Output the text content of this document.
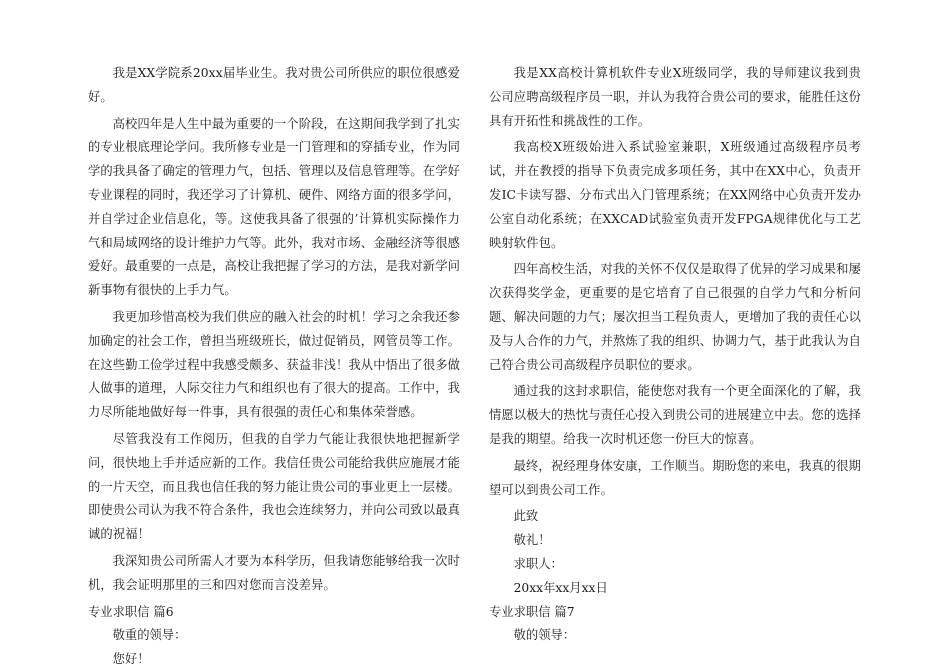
我是XX学院系20xx届毕业生。我对贵公司所供应的职位很感爱好。

高校四年是人生中最为重要的一个阶段，在这期间我学到了扎实的专业根底理论学问。我所修专业是一门管理和的穿插专业，作为同学的我具备了确定的管理力气，包括、管理以及信息管理等。在学好专业课程的同时，我还学习了计算机、硬件、网络方面的很多学问，并自学过企业信息化，等。这使我具备了很强的’计算机实际操作力气和局域网络的设计维护力气等。此外，我对市场、金融经济等很感爱好。最重要的一点是，高校让我把握了学习的方法，是我对新学问新事物有很快的上手力气。

我更加珍惜高校为我们供应的融入社会的时机！学习之余我还参加确定的社会工作，曾担当班级班长，做过促销员，网管员等工作。在这些勤工俭学过程中我感受颇多、获益非浅！我从中悟出了很多做人做事的道理，人际交往力气和组织也有了很大的提高。工作中，我力尽所能地做好每一件事，具有很强的责任心和集体荣誉感。

尽管我没有工作阅历，但我的自学力气能让我很快地把握新学问，很快地上手并适应新的工作。我信任贵公司能给我供应施展才能的一片天空，而且我也信任我的努力能让贵公司的事业更上一层楼。即使贵公司认为我不符合条件，我也会连续努力，并向公司致以最真诚的祝福！

我深知贵公司所需人才要为本科学历，但我请您能够给我一次时机，我会证明那里的三和四对您而言没差异。

专业求职信 篇6

敬重的领导：

您好！

我是XX高校计算机软件专业X班级同学，我的导师建议我到贵公司应聘高级程序员一职，并认为我符合贵公司的要求，能胜任这份具有开拓性和挑战性的工作。

我高校X班级始进入系试验室兼职，X班级通过高级程序员考试，并在教授的指导下负责完成多项任务，其中在XX中心，负责开发IC卡读写器、分布式出入门管理系统；在XX网络中心负责开发办公室自动化系统；在XXCAD试验室负责开发FPGA规律优化与工艺映射软件包。

四年高校生活，对我的关怀不仅仅是取得了优异的学习成果和屡次获得奖学金，更重要的是它培育了自己很强的自学力气和分析问题、解决问题的力气；屡次担当工程负责人，更增加了我的责任心以及与人合作的力气，并熬炼了我的组织、协调力气，基于此我认为自己符合贵公司高级程序员职位的要求。

通过我的这封求职信，能使您对我有一个更全面深化的了解，我情愿以极大的热忱与责任心投入到贵公司的进展建立中去。您的选择是我的期望。给我一次时机还您一份巨大的惊喜。

最终，祝经理身体安康，工作顺当。期盼您的来电，我真的很期望可以到贵公司工作。

此致

敬礼！

求职人：

20xx年xx月xx日

专业求职信 篇7

敬的领导：
